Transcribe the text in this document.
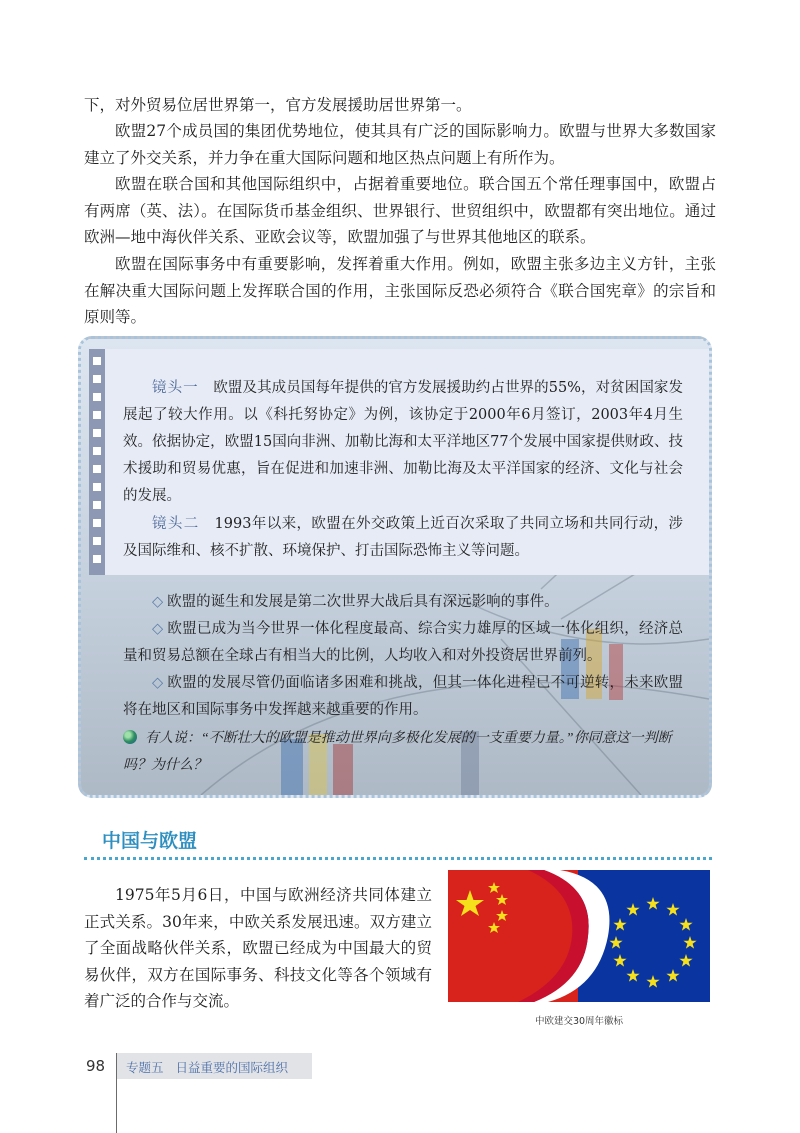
下，对外贸易位居世界第一，官方发展援助居世界第一。

欧盟27个成员国的集团优势地位，使其具有广泛的国际影响力。欧盟与世界大多数国家建立了外交关系，并力争在重大国际问题和地区热点问题上有所作为。

欧盟在联合国和其他国际组织中，占据着重要地位。联合国五个常任理事国中，欧盟占有两席（英、法）。在国际货币基金组织、世界银行、世贸组织中，欧盟都有突出地位。通过欧洲—地中海伙伴关系、亚欧会议等，欧盟加强了与世界其他地区的联系。

欧盟在国际事务中有重要影响，发挥着重大作用。例如，欧盟主张多边主义方针，主张在解决重大国际问题上发挥联合国的作用，主张国际反恐必须符合《联合国宪章》的宗旨和原则等。

镜头一　 欧盟及其成员国每年提供的官方发展援助约占世界的55%，对贫困国家发展起了较大作用。以《科托努协定》为例，该协定于2000年6月签订，2003年4月生效。依据协定，欧盟15国向非洲、加勒比海和太平洋地区77个发展中国家提供财政、技术援助和贸易优惠，旨在促进和加速非洲、加勒比海及太平洋国家的经济、文化与社会的发展。

镜头二　 1993年以来，欧盟在外交政策上近百次采取了共同立场和共同行动，涉及国际维和、核不扩散、环境保护、打击国际恐怖主义等问题。

◇ 欧盟的诞生和发展是第二次世界大战后具有深远影响的事件。

◇ 欧盟已成为当今世界一体化程度最高、综合实力雄厚的区域一体化组织，经济总量和贸易总额在全球占有相当大的比例，人均收入和对外投资居世界前列。

◇ 欧盟的发展尽管仍面临诸多困难和挑战，但其一体化进程已不可逆转，未来欧盟将在地区和国际事务中发挥越来越重要的作用。

有人说：“不断壮大的欧盟是推动世界向多极化发展的一支重要力量。”你同意这一判断吗？为什么？

中国与欧盟

1975年5月6日，中国与欧洲经济共同体建立正式关系。30年来，中欧关系发展迅速。双方建立了全面战略伙伴关系，欧盟已经成为中国最大的贸易伙伴，双方在国际事务、科技文化等各个领域有着广泛的合作与交流。

中欧建交30周年徽标

98 专题五 日益重要的国际组织
